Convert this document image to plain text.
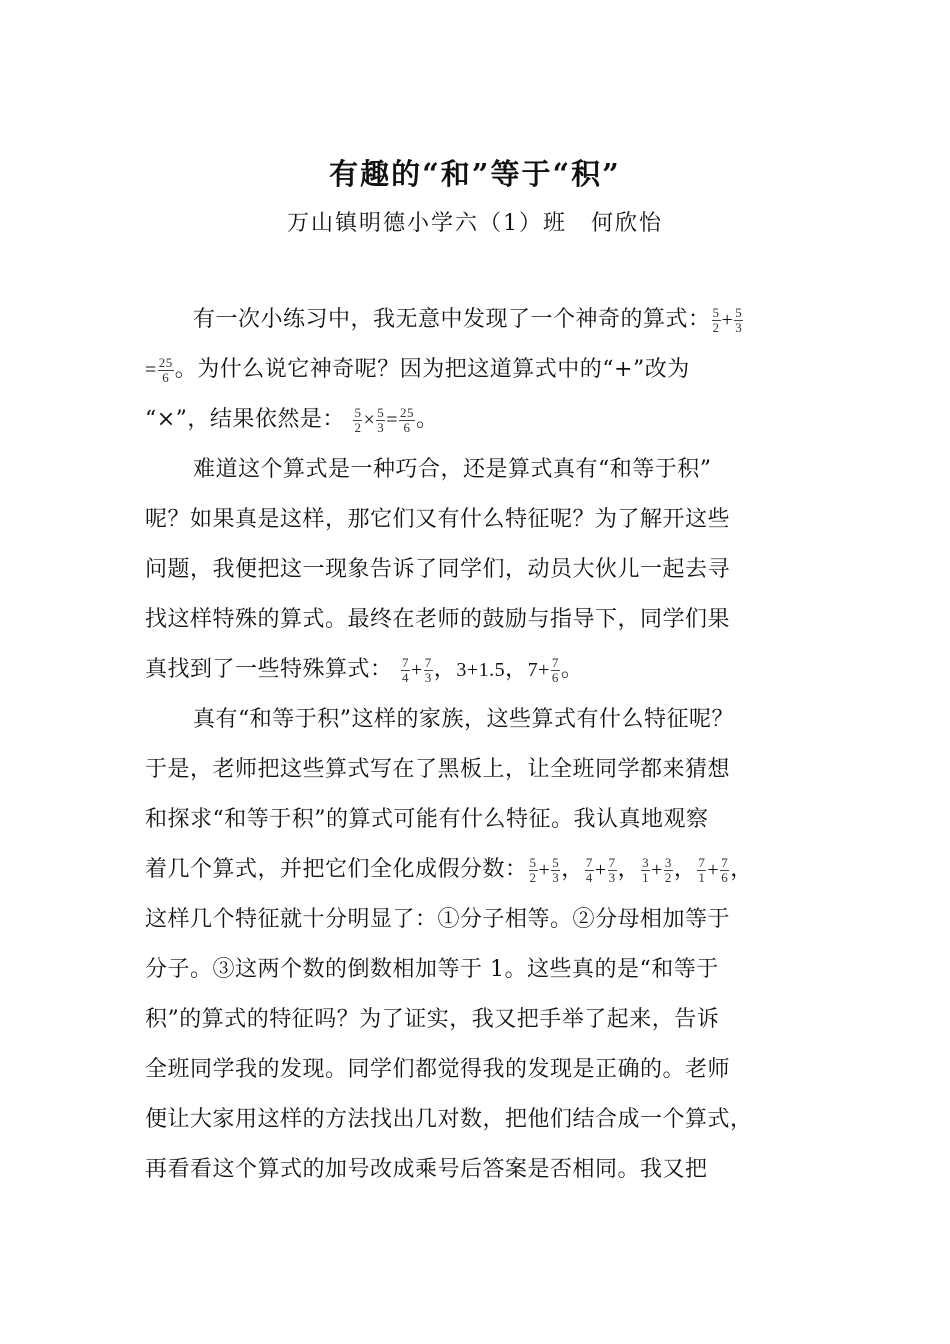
有趣的“和”等于“积”
万山镇明德小学六（1）班　何欣怡
有一次小练习中，我无意中发现了一个神奇的算式： $\frac{5}{2} + \frac{5}{3}$
= $\frac{25}{6}$ 。为什么说它神奇呢？因为把这道算式中的“+”改为
“×”，结果依然是： $\frac{5}{2} \times \frac{5}{3} = \frac{25}{6}$ 。
难道这个算式是一种巧合，还是算式真有“和等于积”
呢？如果真是这样，那它们又有什么特征呢？为了解开这些
问题，我便把这一现象告诉了同学们，动员大伙儿一起去寻
找这样特殊的算式。最终在老师的鼓励与指导下，同学们果
真找到了一些特殊算式： $\frac{7}{4} + \frac{7}{3}$ ，3+1.5，$7+ \frac{7}{6}$ 。
真有“和等于积”这样的家族，这些算式有什么特征呢？
于是，老师把这些算式写在了黑板上，让全班同学都来猜想
和探求“和等于积”的算式可能有什么特征。我认真地观察
着几个算式，并把它们全化成假分数： $\frac{5}{2} + \frac{5}{3}$ ， $\frac{7}{4} + \frac{7}{3}$ ， $\frac{3}{1} + \frac{3}{2}$ ， $\frac{7}{1} + \frac{7}{6}$ ，
这样几个特征就十分明显了：①分子相等。②分母相加等于
分子。③这两个数的倒数相加等于 1。这些真的是“和等于
积”的算式的特征吗？为了证实，我又把手举了起来，告诉
全班同学我的发现。同学们都觉得我的发现是正确的。老师
便让大家用这样的方法找出几对数，把他们结合成一个算式，
再看看这个算式的加号改成乘号后答案是否相同。我又把
